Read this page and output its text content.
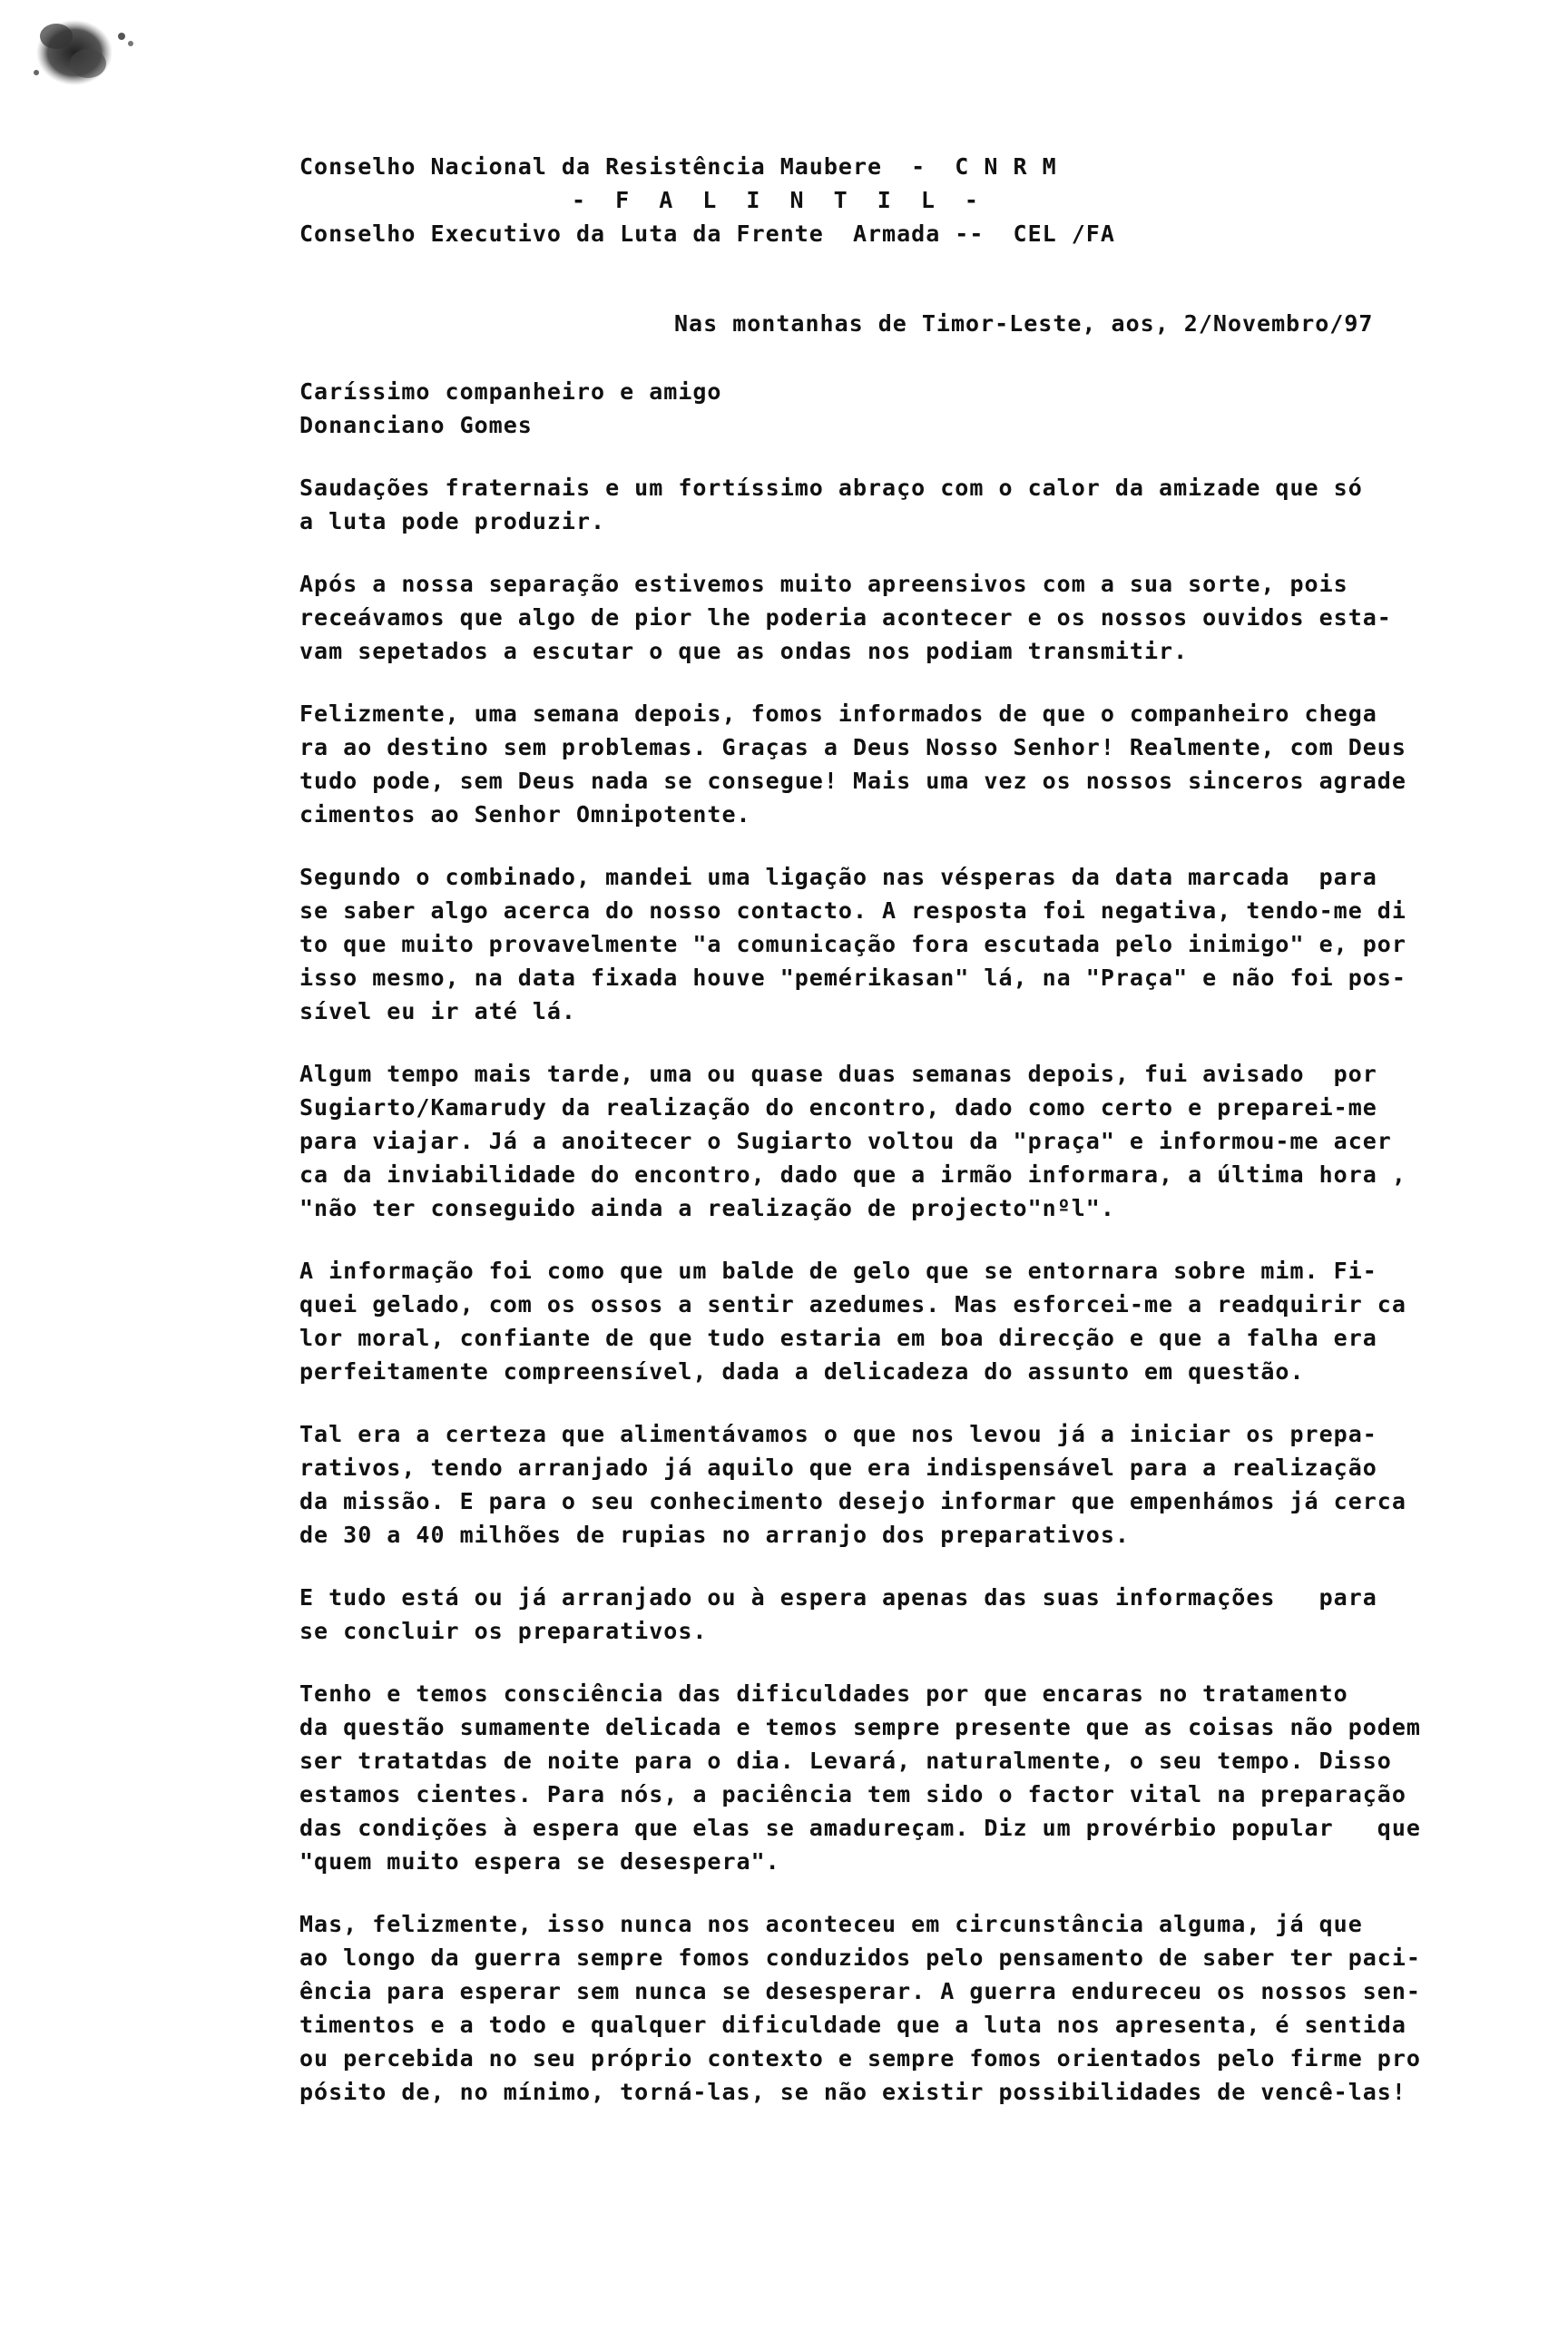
Conselho Nacional da Resistência Maubere  -  C N R M
- F A L I N T I L -
Conselho Executivo da Luta da Frente  Armada --  CEL /FA
Nas montanhas de Timor-Leste, aos, 2/Novembro/97
Caríssimo companheiro e amigo
Donanciano Gomes

Saudações fraternais e um fortíssimo abraço com o calor da amizade que só
a luta pode produzir.

Após a nossa separação estivemos muito apreensivos com a sua sorte, pois
receávamos que algo de pior lhe poderia acontecer e os nossos ouvidos esta-
vam sepetados a escutar o que as ondas nos podiam transmitir.

Felizmente, uma semana depois, fomos informados de que o companheiro chega
ra ao destino sem problemas. Graças a Deus Nosso Senhor! Realmente, com Deus
tudo pode, sem Deus nada se consegue! Mais uma vez os nossos sinceros agrade
cimentos ao Senhor Omnipotente.

Segundo o combinado, mandei uma ligação nas vésperas da data marcada  para
se saber algo acerca do nosso contacto. A resposta foi negativa, tendo-me di
to que muito provavelmente "a comunicação fora escutada pelo inimigo" e, por
isso mesmo, na data fixada houve "pemérikasan" lá, na "Praça" e não foi pos-
sível eu ir até lá.

Algum tempo mais tarde, uma ou quase duas semanas depois, fui avisado  por
Sugiarto/Kamarudy da realização do encontro, dado como certo e preparei-me
para viajar. Já a anoitecer o Sugiarto voltou da "praça" e informou-me acer
ca da inviabilidade do encontro, dado que a irmão informara, a última hora ,
"não ter conseguido ainda a realização de projecto"nºl".

A informação foi como que um balde de gelo que se entornara sobre mim. Fi-
quei gelado, com os ossos a sentir azedumes. Mas esforcei-me a readquirir ca
lor moral, confiante de que tudo estaria em boa direcção e que a falha era
perfeitamente compreensível, dada a delicadeza do assunto em questão.

Tal era a certeza que alimentávamos o que nos levou já a iniciar os prepa-
rativos, tendo arranjado já aquilo que era indispensável para a realização
da missão. E para o seu conhecimento desejo informar que empenhámos já cerca
de 30 a 40 milhões de rupias no arranjo dos preparativos.

E tudo está ou já arranjado ou à espera apenas das suas informações   para
se concluir os preparativos.

Tenho e temos consciência das dificuldades por que encaras no tratamento
da questão sumamente delicada e temos sempre presente que as coisas não podem
ser tratatdas de noite para o dia. Levará, naturalmente, o seu tempo. Disso
estamos cientes. Para nós, a paciência tem sido o factor vital na preparação
das condições à espera que elas se amadureçam. Diz um provérbio popular   que
"quem muito espera se desespera".

Mas, felizmente, isso nunca nos aconteceu em circunstância alguma, já que
ao longo da guerra sempre fomos conduzidos pelo pensamento de saber ter paci-
ência para esperar sem nunca se desesperar. A guerra endureceu os nossos sen-
timentos e a todo e qualquer dificuldade que a luta nos apresenta, é sentida
ou percebida no seu próprio contexto e sempre fomos orientados pelo firme pro
pósito de, no mínimo, torná-las, se não existir possibilidades de vencê-las!
